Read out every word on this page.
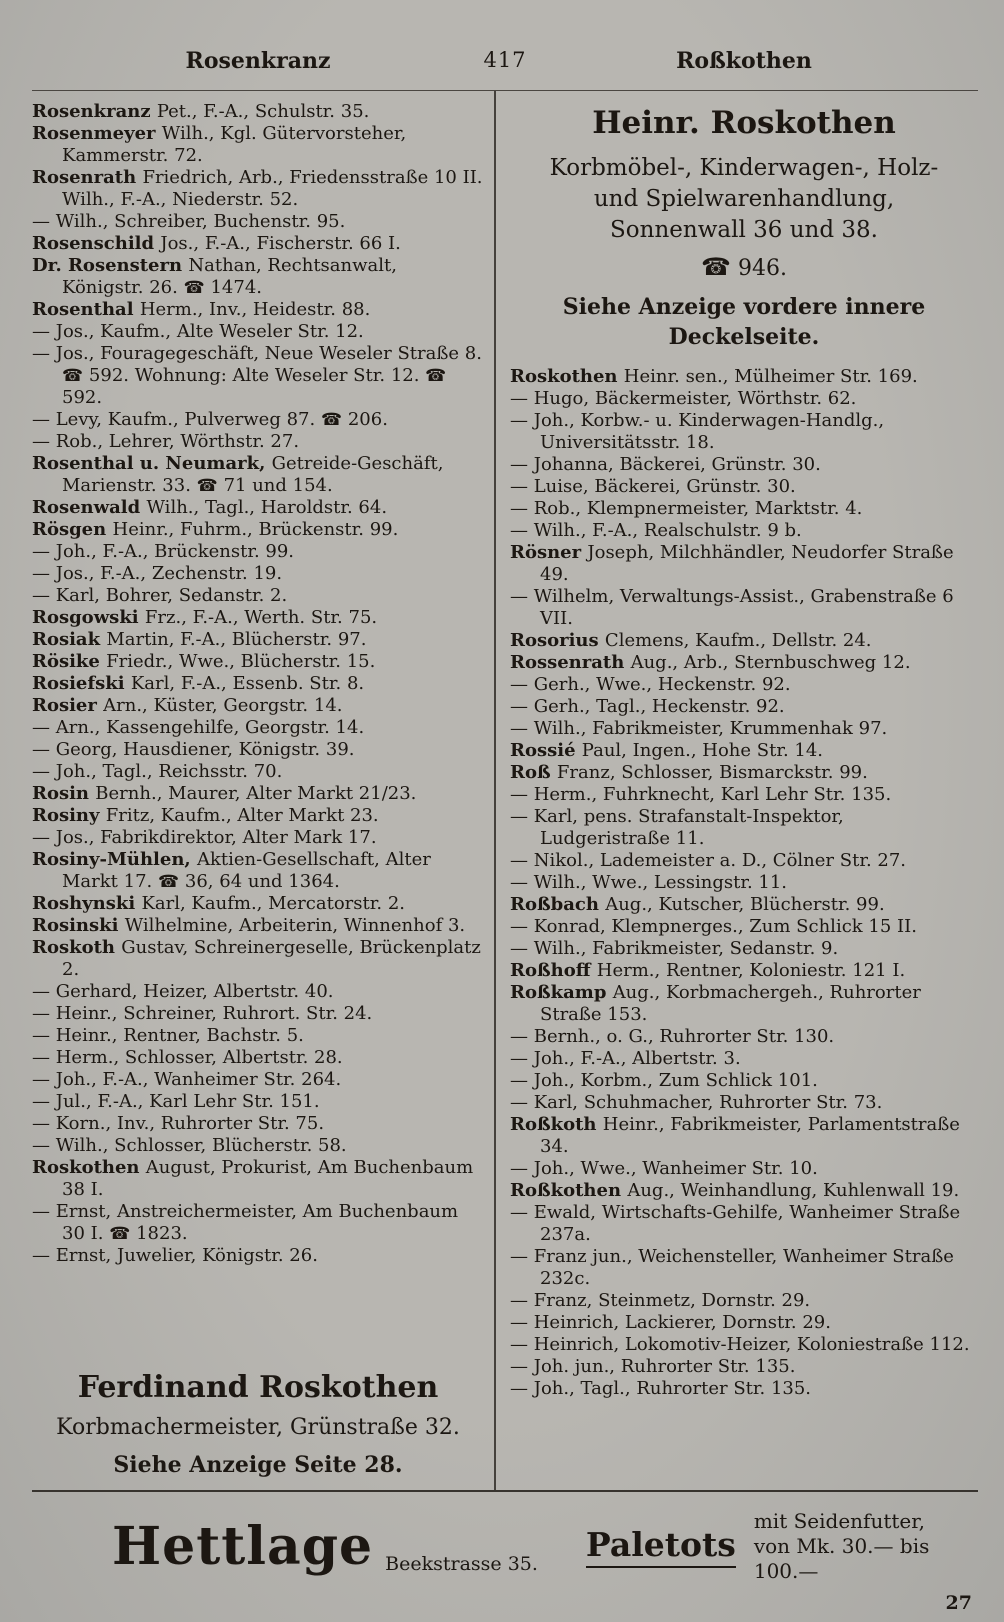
Rosenkranz	417	Roßkothen
Rosenkranz Pet., F.-A., Schulstr. 35.
Rosenmeyer Wilh., Kgl. Gütervorsteher, Kammerstr. 72.
Rosenrath Friedrich, Arb., Friedensstraße 10 II.
Wilh., F.-A., Niederstr. 52.
— Wilh., Schreiber, Buchenstr. 95.
Rosenschild Jos., F.-A., Fischerstr. 66 I.
Dr. Rosenstern Nathan, Rechtsanwalt, Königstr. 26. ☎ 1474.
Rosenthal Herm., Inv., Heidestr. 88.
— Jos., Kaufm., Alte Weseler Str. 12.
— Jos., Fouragegeschäft, Neue Weseler Straße 8. ☎ 592. Wohnung: Alte Weseler Str. 12. ☎ 592.
— Levy, Kaufm., Pulverweg 87. ☎ 206.
— Rob., Lehrer, Wörthstr. 27.
Rosenthal u. Neumark, Getreide-Geschäft, Marienstr. 33. ☎ 71 und 154.
Rosenwald Wilh., Tagl., Haroldstr. 64.
Rösgen Heinr., Fuhrm., Brückenstr. 99.
— Joh., F.-A., Brückenstr. 99.
— Jos., F.-A., Zechenstr. 19.
— Karl, Bohrer, Sedanstr. 2.
Rosgowski Frz., F.-A., Werth. Str. 75.
Rosiak Martin, F.-A., Blücherstr. 97.
Rösike Friedr., Wwe., Blücherstr. 15.
Rosiefski Karl, F.-A., Essenb. Str. 8.
Rosier Arn., Küster, Georgstr. 14.
— Arn., Kassengehilfe, Georgstr. 14.
— Georg, Hausdiener, Königstr. 39.
— Joh., Tagl., Reichsstr. 70.
Rosin Bernh., Maurer, Alter Markt 21/23.
Rosiny Fritz, Kaufm., Alter Markt 23.
— Jos., Fabrikdirektor, Alter Mark 17.
Rosiny-Mühlen, Aktien-Gesellschaft, Alter Markt 17. ☎ 36, 64 und 1364.
Roshynski Karl, Kaufm., Mercatorstr. 2.
Rosinski Wilhelmine, Arbeiterin, Winnenhof 3.
Roskoth Gustav, Schreinergeselle, Brückenplatz 2.
— Gerhard, Heizer, Albertstr. 40.
— Heinr., Schreiner, Ruhrort. Str. 24.
— Heinr., Rentner, Bachstr. 5.
— Herm., Schlosser, Albertstr. 28.
— Joh., F.-A., Wanheimer Str. 264.
— Jul., F.-A., Karl Lehr Str. 151.
— Korn., Inv., Ruhrorter Str. 75.
— Wilh., Schlosser, Blücherstr. 58.
Roskothen August, Prokurist, Am Buchenbaum 38 I.
— Ernst, Anstreichermeister, Am Buchenbaum 30 I. ☎ 1823.
— Ernst, Juwelier, Königstr. 26.
Ferdinand Roskothen
Korbmachermeister, Grünstraße 32.
Siehe Anzeige Seite 28.
Heinr. Roskothen
Korbmöbel-, Kinderwagen-, Holz-
und Spielwarenhandlung,
Sonnenwall 36 und 38.
☎ 946.
Siehe Anzeige vordere innere
Deckelseite.
Roskothen Heinr. sen., Mülheimer Str. 169.
— Hugo, Bäckermeister, Wörthstr. 62.
— Joh., Korbw.- u. Kinderwagen-Handlg., Universitätsstr. 18.
— Johanna, Bäckerei, Grünstr. 30.
— Luise, Bäckerei, Grünstr. 30.
— Rob., Klempnermeister, Marktstr. 4.
— Wilh., F.-A., Realschulstr. 9 b.
Rösner Joseph, Milchhändler, Neudorfer Straße 49.
— Wilhelm, Verwaltungs-Assist., Grabenstraße 6 VII.
Rosorius Clemens, Kaufm., Dellstr. 24.
Rossenrath Aug., Arb., Sternbuschweg 12.
— Gerh., Wwe., Heckenstr. 92.
— Gerh., Tagl., Heckenstr. 92.
— Wilh., Fabrikmeister, Krummenhak 97.
Rossié Paul, Ingen., Hohe Str. 14.
Roß Franz, Schlosser, Bismarckstr. 99.
— Herm., Fuhrknecht, Karl Lehr Str. 135.
— Karl, pens. Strafanstalt-Inspektor, Ludgeristraße 11.
— Nikol., Lademeister a. D., Cölner Str. 27.
— Wilh., Wwe., Lessingstr. 11.
Roßbach Aug., Kutscher, Blücherstr. 99.
— Konrad, Klempnerges., Zum Schlick 15 II.
— Wilh., Fabrikmeister, Sedanstr. 9.
Roßhoff Herm., Rentner, Koloniestr. 121 I.
Roßkamp Aug., Korbmachergeh., Ruhrorter Straße 153.
— Bernh., o. G., Ruhrorter Str. 130.
— Joh., F.-A., Albertstr. 3.
— Joh., Korbm., Zum Schlick 101.
— Karl, Schuhmacher, Ruhrorter Str. 73.
Roßkoth Heinr., Fabrikmeister, Parlamentstraße 34.
— Joh., Wwe., Wanheimer Str. 10.
Roßkothen Aug., Weinhandlung, Kuhlenwall 19.
— Ewald, Wirtschafts-Gehilfe, Wanheimer Straße 237a.
— Franz jun., Weichensteller, Wanheimer Straße 232c.
— Franz, Steinmetz, Dornstr. 29.
— Heinrich, Lackierer, Dornstr. 29.
— Heinrich, Lokomotiv-Heizer, Koloniestraße 112.
— Joh. jun., Ruhrorter Str. 135.
— Joh., Tagl., Ruhrorter Str. 135.
Hettlage Beekstrasse 35. Paletots
mit Seidenfutter,
von Mk. 30.— bis 100.—
27
